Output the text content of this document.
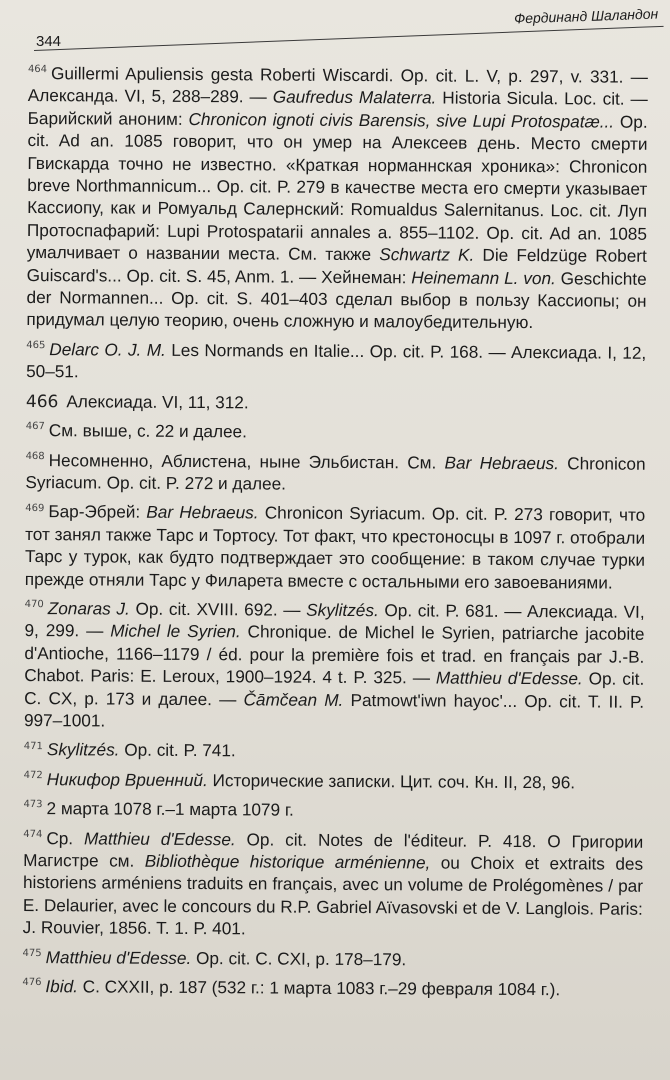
344
Фердинанд Шаландон

$^{464}$ Guillermi Apuliensis gesta Roberti Wiscardi. Op. cit. L. V, p. 297, v. 331. — Александа. VI, 5, 288–289. — Gaufredus Malaterra. Historia Sicula. Loc. cit. — Барийский аноним: Chronicon ignoti civis Barensis, sive Lupi Protospatæ... Op. cit. Ad an. 1085 говорит, что он умер на Алексеев день. Место смерти Гвискарда точно не известно. «Краткая норманнская хроника»: Chronicon breve Northmannicum... Op. cit. P. 279 в качестве места его смерти указывает Кассиопу, как и Ромуальд Салернский: Romualdus Salernitanus. Loc. cit. Луп Протоспафарий: Lupi Protospatarii annales a. 855–1102. Op. cit. Ad an. 1085 умалчивает о названии места. См. также Schwartz K. Die Feldzüge Robert Guiscard's... Op. cit. S. 45, Anm. 1. — Хейнеман: Heinemann L. von. Geschichte der Normannen... Op. cit. S. 401–403 сделал выбор в пользу Кассиопы; он придумал целую теорию, очень сложную и малоубедительную.

$^{465}$ Delarc O. J. M. Les Normands en Italie... Op. cit. P. 168. — Алексиада. I, 12, 50–51.

466 Алексиада. VI, 11, 312.

$^{467}$ См. выше, с. 22 и далее.

$^{468}$ Несомненно, Аблистена, ныне Эльбистан. См. Bar Hebraeus. Chronicon Syriacum. Op. cit. P. 272 и далее.

$^{469}$ Бар-Эбрей: Bar Hebraeus. Chronicon Syriacum. Op. cit. P. 273 говорит, что тот занял также Тарс и Тортосу. Тот факт, что крестоносцы в 1097 г. отобрали Тарс у турок, как будто подтверждает это сообщение: в таком случае турки прежде отняли Тарс у Филарета вместе с остальными его завоеваниями.

$^{470}$ Zonaras J. Op. cit. XVIII. 692. — Skylitzés. Op. cit. P. 681. — Алексиада. VI, 9, 299. — Michel le Syrien. Chronique. de Michel le Syrien, patriarche jacobite d'Antioche, 1166–1179 / éd. pour la première fois et trad. en français par J.-B. Chabot. Paris: E. Leroux, 1900–1924. 4 t. P. 325. — Matthieu d'Edesse. Op. cit. C. CX, p. 173 и далее. — Čāmčean M. Patmowt'iwn hayoc'... Op. cit. T. II. P. 997–1001.

$^{471}$ Skylitzés. Op. cit. P. 741.

$^{472}$ Никифор Вриенний. Исторические записки. Цит. соч. Кн. II, 28, 96.

$^{473}$ 2 марта 1078 г.–1 марта 1079 г.

$^{474}$ Ср. Matthieu d'Edesse. Op. cit. Notes de l'éditeur. P. 418. О Григории Магистре см. Bibliothèque historique arménienne, ou Choix et extraits des historiens arméniens traduits en français, avec un volume de Prolégomènes / par E. Delaurier, avec le concours du R.P. Gabriel Aïvasovski et de V. Langlois. Paris: J. Rouvier, 1856. T. 1. P. 401.

$^{475}$ Matthieu d'Edesse. Op. cit. C. CXI, p. 178–179.

$^{476}$ Ibid. C. CXXII, p. 187 (532 г.: 1 марта 1083 г.–29 февраля 1084 г.).
